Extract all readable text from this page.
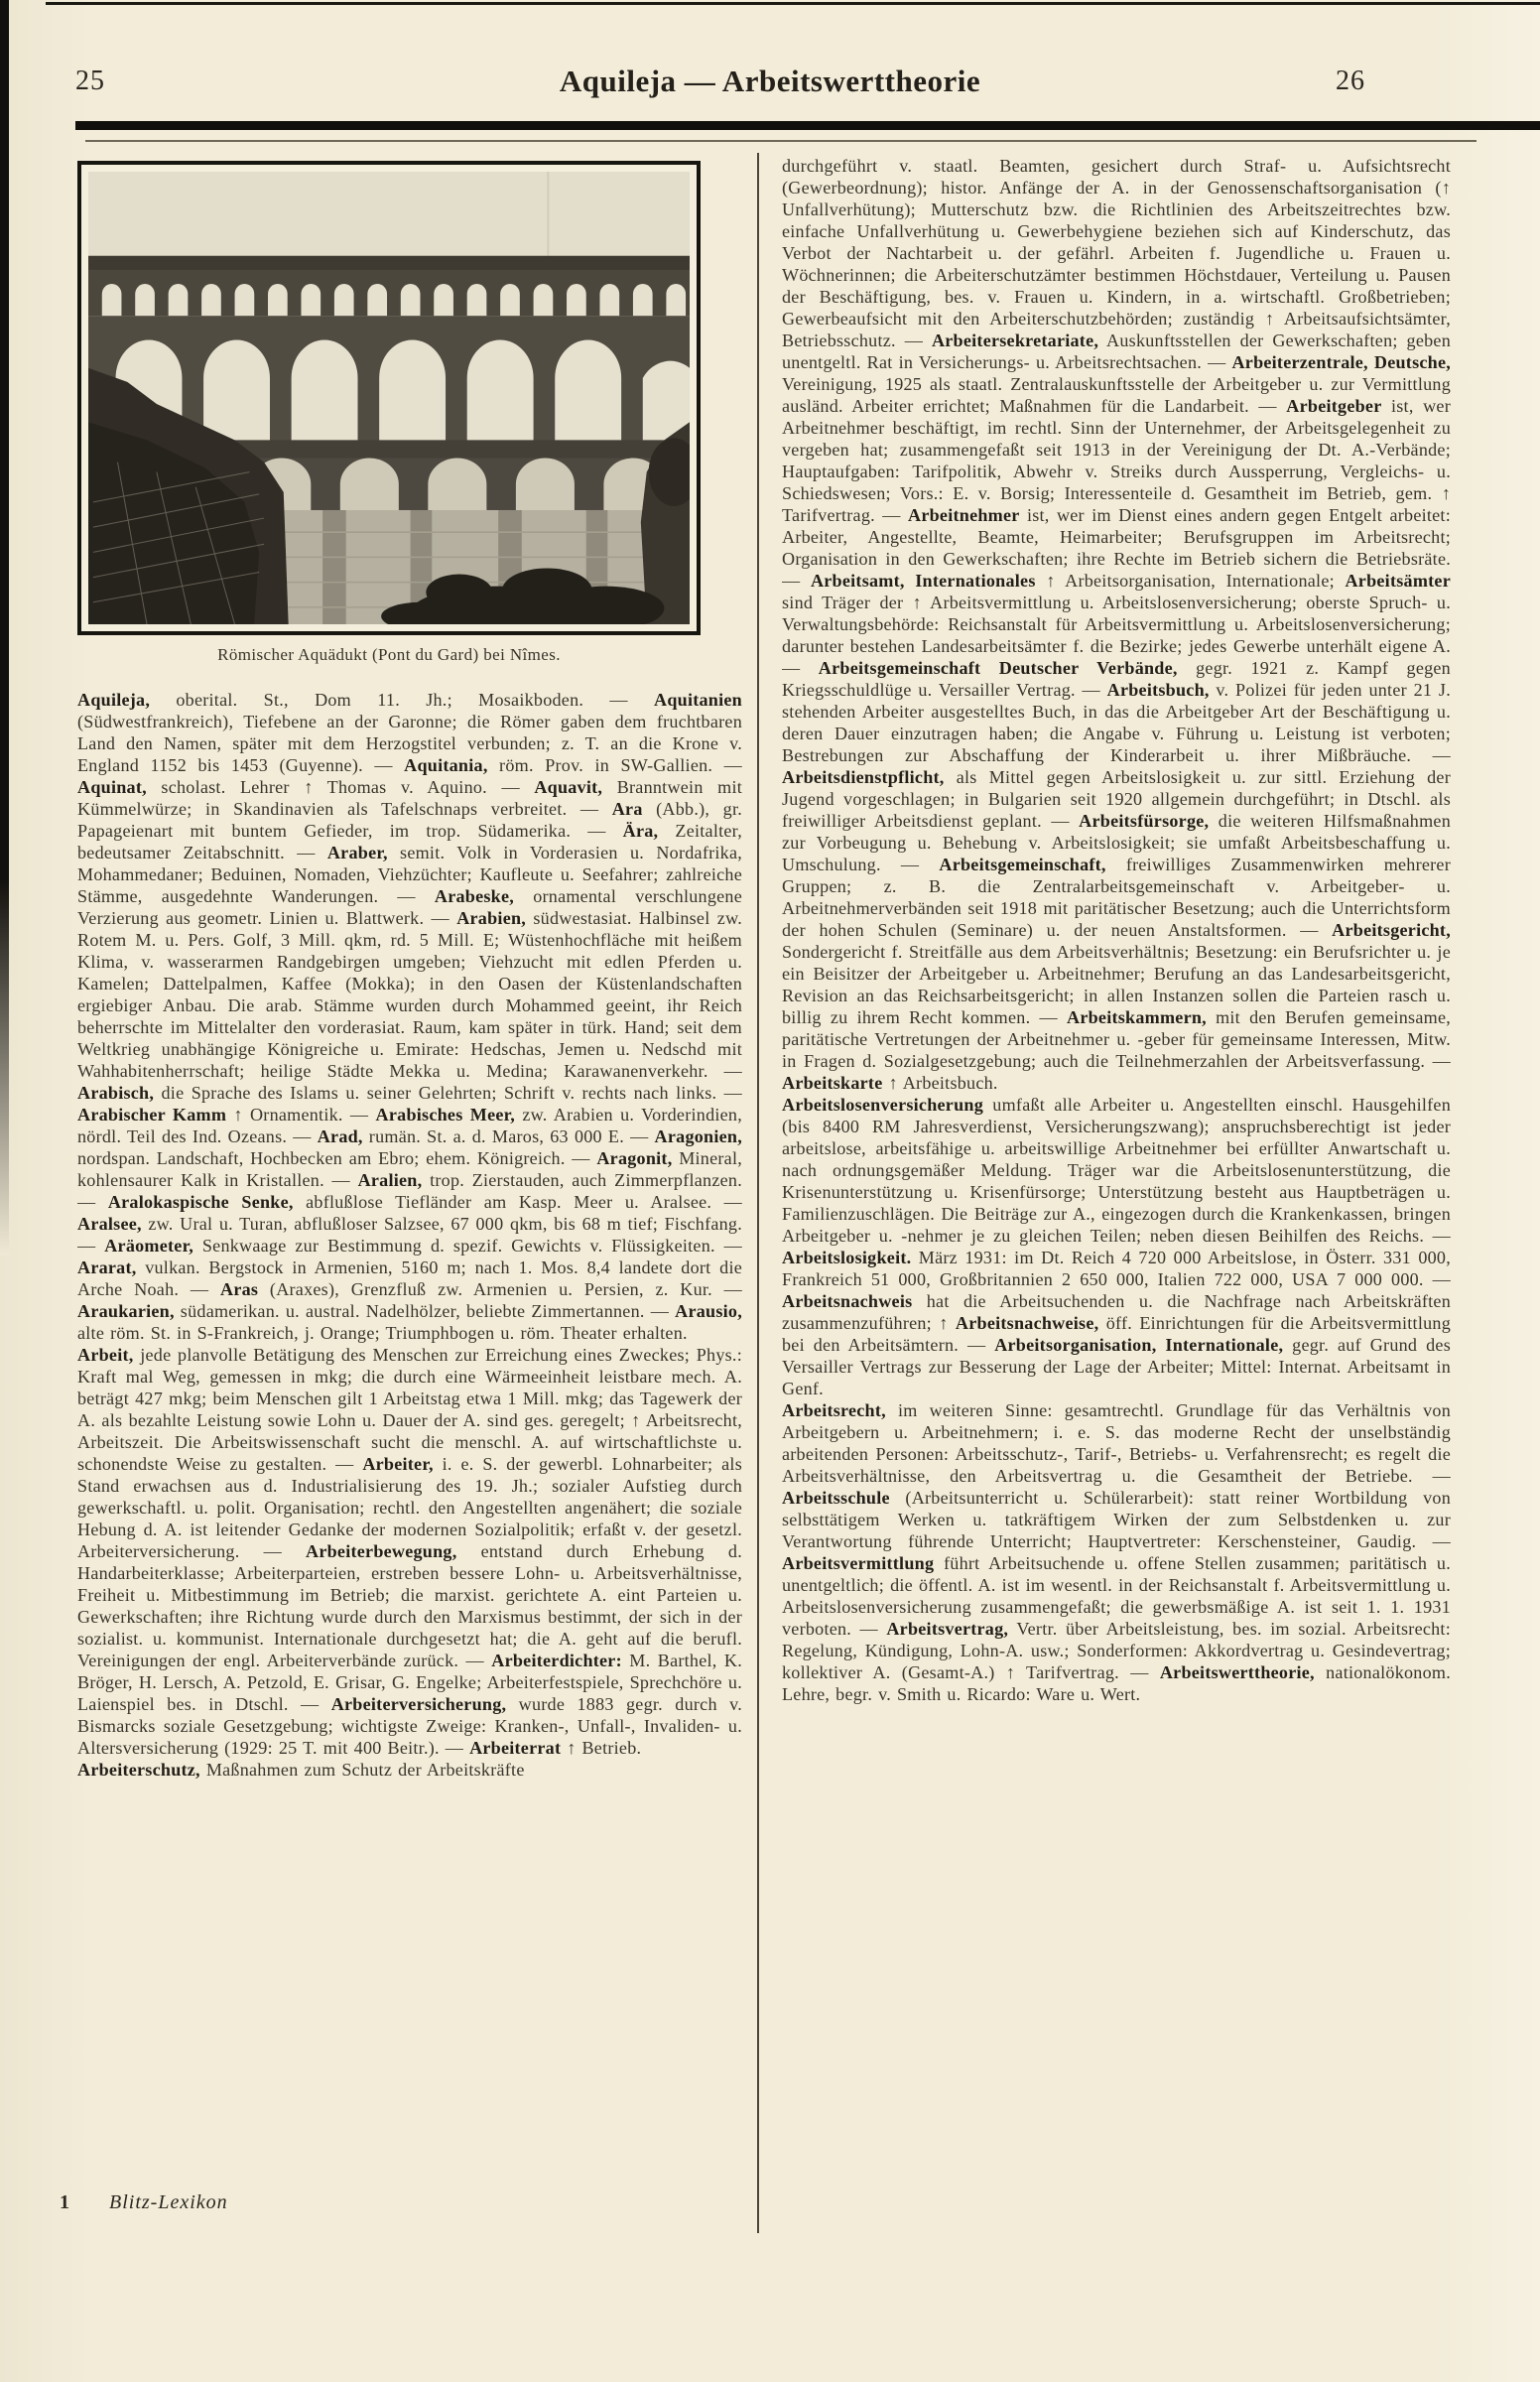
25	Aquileja — Arbeitswerttheorie	26
Römischer Aquädukt (Pont du Gard) bei Nîmes.

Aquileja, oberital. St., Dom 11. Jh.; Mosaikboden. — Aquitanien (Südwestfrankreich), Tiefebene an der Garonne; die Römer gaben dem fruchtbaren Land den Namen, später mit dem Herzogstitel verbunden; z. T. an die Krone v. England 1152 bis 1453 (Guyenne). — Aquitania, röm. Prov. in SW-Gallien. — Aquinat, scholast. Lehrer ↑ Thomas v. Aquino. — Aquavit, Branntwein mit Kümmelwürze; in Skandinavien als Tafelschnaps verbreitet. — Ara (Abb.), gr. Papageienart mit buntem Gefieder, im trop. Südamerika. — Ära, Zeitalter, bedeutsamer Zeitabschnitt. — Araber, semit. Volk in Vorderasien u. Nordafrika, Mohammedaner; Beduinen, Nomaden, Viehzüchter; Kaufleute u. Seefahrer; zahlreiche Stämme, ausgedehnte Wanderungen. — Arabeske, ornamental verschlungene Verzierung aus geometr. Linien u. Blattwerk. — Arabien, südwestasiat. Halbinsel zw. Rotem M. u. Pers. Golf, 3 Mill. qkm, rd. 5 Mill. E; Wüstenhochfläche mit heißem Klima, v. wasserarmen Randgebirgen umgeben; Viehzucht mit edlen Pferden u. Kamelen; Dattelpalmen, Kaffee (Mokka); in den Oasen der Küstenlandschaften ergiebiger Anbau. Die arab. Stämme wurden durch Mohammed geeint, ihr Reich beherrschte im Mittelalter den vorderasiat. Raum, kam später in türk. Hand; seit dem Weltkrieg unabhängige Königreiche u. Emirate: Hedschas, Jemen u. Nedschd mit Wahhabitenherrschaft; heilige Städte Mekka u. Medina; Karawanenverkehr. — Arabisch, die Sprache des Islams u. seiner Gelehrten; Schrift v. rechts nach links. — Arabischer Kamm ↑ Ornamentik. — Arabisches Meer, zw. Arabien u. Vorderindien, nördl. Teil des Ind. Ozeans. — Arad, rumän. St. a. d. Maros, 63 000 E. — Aragonien, nordspan. Landschaft, Hochbecken am Ebro; ehem. Königreich. — Aragonit, Mineral, kohlensaurer Kalk in Kristallen. — Aralien, trop. Zierstauden, auch Zimmerpflanzen. — Aralokaspische Senke, abflußlose Tiefländer am Kasp. Meer u. Aralsee. — Aralsee, zw. Ural u. Turan, abflußloser Salzsee, 67 000 qkm, bis 68 m tief; Fischfang. — Aräometer, Senkwaage zur Bestimmung d. spezif. Gewichts v. Flüssigkeiten. — Ararat, vulkan. Bergstock in Armenien, 5160 m; nach 1. Mos. 8,4 landete dort die Arche Noah. — Aras (Araxes), Grenzfluß zw. Armenien u. Persien, z. Kur. — Araukarien, südamerikan. u. austral. Nadelhölzer, beliebte Zimmertannen. — Arausio, alte röm. St. in S-Frankreich, j. Orange; Triumphbogen u. röm. Theater erhalten.

Arbeit, jede planvolle Betätigung des Menschen zur Erreichung eines Zweckes; Phys.: Kraft mal Weg, gemessen in mkg; die durch eine Wärmeeinheit leistbare mech. A. beträgt 427 mkg; beim Menschen gilt 1 Arbeitstag etwa 1 Mill. mkg; das Tagewerk der A. als bezahlte Leistung sowie Lohn u. Dauer der A. sind ges. geregelt; ↑ Arbeitsrecht, Arbeitszeit. Die Arbeitswissenschaft sucht die menschl. A. auf wirtschaftlichste u. schonendste Weise zu gestalten. — Arbeiter, i. e. S. der gewerbl. Lohnarbeiter; als Stand erwachsen aus d. Industrialisierung des 19. Jh.; sozialer Aufstieg durch gewerkschaftl. u. polit. Organisation; rechtl. den Angestellten angenähert; die soziale Hebung d. A. ist leitender Gedanke der modernen Sozialpolitik; erfaßt v. der gesetzl. Arbeiterversicherung. — Arbeiterbewegung, entstand durch Erhebung d. Handarbeiterklasse; Arbeiterparteien, erstreben bessere Lohn- u. Arbeitsverhältnisse, Freiheit u. Mitbestimmung im Betrieb; die marxist. gerichtete A. eint Parteien u. Gewerkschaften; ihre Richtung wurde durch den Marxismus bestimmt, der sich in der sozialist. u. kommunist. Internationale durchgesetzt hat; die A. geht auf die berufl. Vereinigungen der engl. Arbeiterverbände zurück. — Arbeiterdichter: M. Barthel, K. Bröger, H. Lersch, A. Petzold, E. Grisar, G. Engelke; Arbeiterfestspiele, Sprechchöre u. Laienspiel bes. in Dtschl. — Arbeiterversicherung, wurde 1883 gegr. durch v. Bismarcks soziale Gesetzgebung; wichtigste Zweige: Kranken-, Unfall-, Invaliden- u. Altersversicherung (1929: 25 T. mit 400 Beitr.). — Arbeiterrat ↑ Betrieb.

Arbeiterschutz, Maßnahmen zum Schutz der Arbeitskräfte

durchgeführt v. staatl. Beamten, gesichert durch Straf- u. Aufsichtsrecht (Gewerbeordnung); histor. Anfänge der A. in der Genossenschaftsorganisation (↑ Unfallverhütung); Mutterschutz bzw. die Richtlinien des Arbeitszeitrechtes bzw. einfache Unfallverhütung u. Gewerbehygiene beziehen sich auf Kinderschutz, das Verbot der Nachtarbeit u. der gefährl. Arbeiten f. Jugendliche u. Frauen u. Wöchnerinnen; die Arbeiterschutzämter bestimmen Höchstdauer, Verteilung u. Pausen der Beschäftigung, bes. v. Frauen u. Kindern, in a. wirtschaftl. Großbetrieben; Gewerbeaufsicht mit den Arbeiterschutzbehörden; zuständig ↑ Arbeitsaufsichtsämter, Betriebsschutz. — Arbeitersekretariate, Auskunftsstellen der Gewerkschaften; geben unentgeltl. Rat in Versicherungs- u. Arbeitsrechtsachen. — Arbeiterzentrale, Deutsche, Vereinigung, 1925 als staatl. Zentralauskunftsstelle der Arbeitgeber u. zur Vermittlung ausländ. Arbeiter errichtet; Maßnahmen für die Landarbeit. — Arbeitgeber ist, wer Arbeitnehmer beschäftigt, im rechtl. Sinn der Unternehmer, der Arbeitsgelegenheit zu vergeben hat; zusammengefaßt seit 1913 in der Vereinigung der Dt. A.-Verbände; Hauptaufgaben: Tarifpolitik, Abwehr v. Streiks durch Aussperrung, Vergleichs- u. Schiedswesen; Vors.: E. v. Borsig; Interessenteile d. Gesamtheit im Betrieb, gem. ↑ Tarifvertrag. — Arbeitnehmer ist, wer im Dienst eines andern gegen Entgelt arbeitet: Arbeiter, Angestellte, Beamte, Heimarbeiter; Berufsgruppen im Arbeitsrecht; Organisation in den Gewerkschaften; ihre Rechte im Betrieb sichern die Betriebsräte. — Arbeitsamt, Internationales ↑ Arbeitsorganisation, Internationale; Arbeitsämter sind Träger der ↑ Arbeitsvermittlung u. Arbeitslosenversicherung; oberste Spruch- u. Verwaltungsbehörde: Reichsanstalt für Arbeitsvermittlung u. Arbeitslosenversicherung; darunter bestehen Landesarbeitsämter f. die Bezirke; jedes Gewerbe unterhält eigene A. — Arbeitsgemeinschaft Deutscher Verbände, gegr. 1921 z. Kampf gegen Kriegsschuldlüge u. Versailler Vertrag. — Arbeitsbuch, v. Polizei für jeden unter 21 J. stehenden Arbeiter ausgestelltes Buch, in das die Arbeitgeber Art der Beschäftigung u. deren Dauer einzutragen haben; die Angabe v. Führung u. Leistung ist verboten; Bestrebungen zur Abschaffung der Kinderarbeit u. ihrer Mißbräuche. — Arbeitsdienstpflicht, als Mittel gegen Arbeitslosigkeit u. zur sittl. Erziehung der Jugend vorgeschlagen; in Bulgarien seit 1920 allgemein durchgeführt; in Dtschl. als freiwilliger Arbeitsdienst geplant. — Arbeitsfürsorge, die weiteren Hilfsmaßnahmen zur Vorbeugung u. Behebung v. Arbeitslosigkeit; sie umfaßt Arbeitsbeschaffung u. Umschulung. — Arbeitsgemeinschaft, freiwilliges Zusammenwirken mehrerer Gruppen; z. B. die Zentralarbeitsgemeinschaft v. Arbeitgeber- u. Arbeitnehmerverbänden seit 1918 mit paritätischer Besetzung; auch die Unterrichtsform der hohen Schulen (Seminare) u. der neuen Anstaltsformen. — Arbeitsgericht, Sondergericht f. Streitfälle aus dem Arbeitsverhältnis; Besetzung: ein Berufsrichter u. je ein Beisitzer der Arbeitgeber u. Arbeitnehmer; Berufung an das Landesarbeitsgericht, Revision an das Reichsarbeitsgericht; in allen Instanzen sollen die Parteien rasch u. billig zu ihrem Recht kommen. — Arbeitskammern, mit den Berufen gemeinsame, paritätische Vertretungen der Arbeitnehmer u. -geber für gemeinsame Interessen, Mitw. in Fragen d. Sozialgesetzgebung; auch die Teilnehmerzahlen der Arbeitsverfassung. — Arbeitskarte ↑ Arbeitsbuch.

Arbeitslosenversicherung umfaßt alle Arbeiter u. Angestellten einschl. Hausgehilfen (bis 8400 RM Jahresverdienst, Versicherungszwang); anspruchsberechtigt ist jeder arbeitslose, arbeitsfähige u. arbeitswillige Arbeitnehmer bei erfüllter Anwartschaft u. nach ordnungsgemäßer Meldung. Träger war die Arbeitslosenunterstützung, die Krisenunterstützung u. Krisenfürsorge; Unterstützung besteht aus Hauptbeträgen u. Familienzuschlägen. Die Beiträge zur A., eingezogen durch die Krankenkassen, bringen Arbeitgeber u. -nehmer je zu gleichen Teilen; neben diesen Beihilfen des Reichs. — Arbeitslosigkeit. März 1931: im Dt. Reich 4 720 000 Arbeitslose, in Österr. 331 000, Frankreich 51 000, Großbritannien 2 650 000, Italien 722 000, USA 7 000 000. — Arbeitsnachweis hat die Arbeitsuchenden u. die Nachfrage nach Arbeitskräften zusammenzuführen; ↑ Arbeitsnachweise, öff. Einrichtungen für die Arbeitsvermittlung bei den Arbeitsämtern. — Arbeitsorganisation, Internationale, gegr. auf Grund des Versailler Vertrags zur Besserung der Lage der Arbeiter; Mittel: Internat. Arbeitsamt in Genf.

Arbeitsrecht, im weiteren Sinne: gesamtrechtl. Grundlage für das Verhältnis von Arbeitgebern u. Arbeitnehmern; i. e. S. das moderne Recht der unselbständig arbeitenden Personen: Arbeitsschutz-, Tarif-, Betriebs- u. Verfahrensrecht; es regelt die Arbeitsverhältnisse, den Arbeitsvertrag u. die Gesamtheit der Betriebe. — Arbeitsschule (Arbeitsunterricht u. Schülerarbeit): statt reiner Wortbildung von selbsttätigem Werken u. tatkräftigem Wirken der zum Selbstdenken u. zur Verantwortung führende Unterricht; Hauptvertreter: Kerschensteiner, Gaudig. — Arbeitsvermittlung führt Arbeitsuchende u. offene Stellen zusammen; paritätisch u. unentgeltlich; die öffentl. A. ist im wesentl. in der Reichsanstalt f. Arbeitsvermittlung u. Arbeitslosenversicherung zusammengefaßt; die gewerbsmäßige A. ist seit 1. 1. 1931 verboten. — Arbeitsvertrag, Vertr. über Arbeitsleistung, bes. im sozial. Arbeitsrecht: Regelung, Kündigung, Lohn-A. usw.; Sonderformen: Akkordvertrag u. Gesindevertrag; kollektiver A. (Gesamt-A.) ↑ Tarifvertrag. — Arbeitswerttheorie, nationalökonom. Lehre, begr. v. Smith u. Ricardo: Ware u. Wert.

1 Blitz-Lexikon
